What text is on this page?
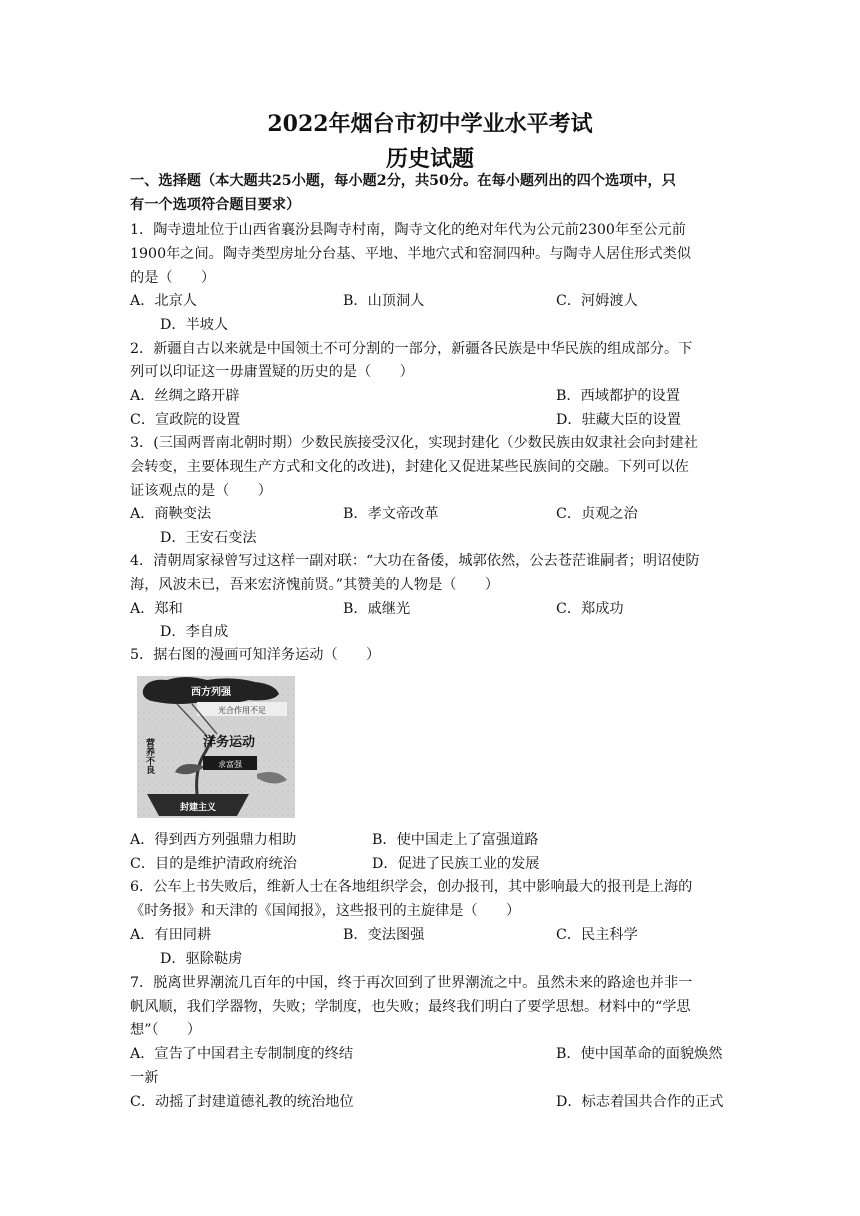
2022年烟台市初中学业水平考试
历史试题
一、选择题（本大题共25小题，每小题2分，共50分。在每小题列出的四个选项中，只
有一个选项符合题目要求）
1．陶寺遗址位于山西省襄汾县陶寺村南，陶寺文化的绝对年代为公元前2300年至公元前
1900年之间。陶寺类型房址分台基、平地、半地穴式和窑洞四种。与陶寺人居住形式类似
的是（　　）
A．北京人	B．山顶洞人	C．河姆渡人
D．半坡人
2．新疆自古以来就是中国领土不可分割的一部分，新疆各民族是中华民族的组成部分。下
列可以印证这一毋庸置疑的历史的是（　　）
A．丝绸之路开辟	B．西域都护的设置
C．宣政院的设置	D．驻藏大臣的设置
3．(三国两晋南北朝时期）少数民族接受汉化，实现封建化（少数民族由奴隶社会向封建社
会转变，主要体现生产方式和文化的改进)，封建化又促进某些民族间的交融。下列可以佐
证该观点的是（　　）
A．商鞅变法	B．孝文帝改革	C．贞观之治
D．王安石变法
4．清朝周家禄曾写过这样一副对联：“大功在备倭，城郭依然，公去苍茫谁嗣者；明诏使防
海，风波未已，吾来宏济愧前贤。”其赞美的人物是（　　）
A．郑和	B．戚继光	C．郑成功
D．李自成
5．据右图的漫画可知洋务运动（　　）
西方列强
光合作用不足
洋务运动
求富强
营养不良
封建主义
A．得到西方列强鼎力相助	B．使中国走上了富强道路
C．目的是维护清政府统治	D．促进了民族工业的发展
6．公车上书失败后，维新人士在各地组织学会，创办报刊，其中影响最大的报刊是上海的
《时务报》和天津的《国闻报》，这些报刊的主旋律是（　　）
A．有田同耕	B．变法图强	C．民主科学
D．驱除鞑虏
7．脱离世界潮流几百年的中国，终于再次回到了世界潮流之中。虽然未来的路途也并非一
帆风顺，我们学器物，失败；学制度，也失败；最终我们明白了要学思想。材料中的“学思
想”（　　）
A．宣告了中国君主专制制度的终结	B．使中国革命的面貌焕然
一新
C．动摇了封建道德礼教的统治地位	D．标志着国共合作的正式
